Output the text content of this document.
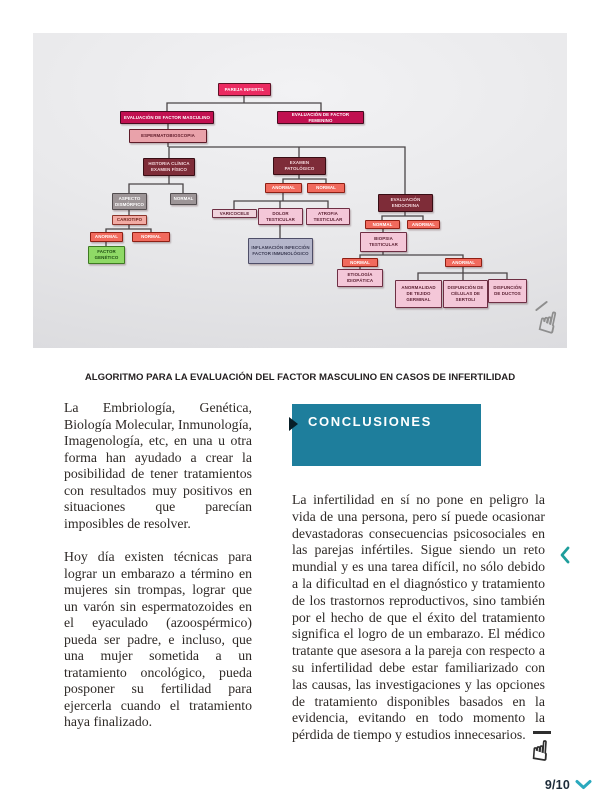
☝
PAREJA INFERTIL
EVALUACIÓN DE FACTOR MASCULINO
EVALUACIÓN DE FACTOR FEMENINO
ESPERMATOBIOSCOPIA
HISTORIA CLÍNICA EXAMEN FÍSICO
EXAMEN PATOLÓGICO
ASPECTO DISMÓRFICO
NORMAL
CARIOTIPO
ANORMAL	NORMAL
FACTOR GENÉTICO
ANORMAL	NORMAL
VARICOCELE	DOLOR TESTICULAR
ATROFIA TESTICULAR
INFLAMACIÓN INFECCIÓN FACTOR INMUNOLÓGICO
EVALUACIÓN ENDOCRINA
NORMAL	ANORMAL
BIOPSIA TESTICULAR
NORMAL	ANORMAL
ETIOLOGÍA IDIOPÁTICA
ANORMALIDAD DE TEJIDO GERMINAL
DISFUNCIÓN DE CÉLULAS DE SERTOLI
DISFUNCIÓN DE DUCTOS
ALGORITMO PARA LA EVALUACIÓN DEL FACTOR MASCULINO EN CASOS DE INFERTILIDAD

La Embriología, Genética, Biología Molecular, Inmunología, Imagenología, etc, en una u otra forma han ayudado a crear la posibilidad de tener tratamientos con resultados muy positivos en situaciones que parecían imposibles de resolver.

Hoy día existen técnicas para lograr un embarazo a término en mujeres sin trompas, lograr que un varón sin espermatozoides en el eyaculado (azoospérmico) pueda ser padre, e incluso, que una mujer sometida a un tratamiento oncológico, pueda posponer su fertilidad para ejercerla cuando el tratamiento haya finalizado.

CONCLUSIONES

La infertilidad en sí no pone en peligro la vida de una persona, pero sí puede ocasionar devastadoras consecuencias psicosociales en las parejas infértiles. Sigue siendo un reto mundial y es una tarea difícil, no sólo debido a la dificultad en el diagnóstico y tratamiento de los trastornos reproductivos, sino también por el hecho de que el éxito del tratamiento significa el logro de un embarazo. El médico tratante que asesora a la pareja con respecto a su infertilidad debe estar familiarizado con las causas, las investigaciones y las opciones de tratamiento disponibles basados en la evidencia, evitando en todo momento la pérdida de tiempo y estudios innecesarios.

☝
9/10
